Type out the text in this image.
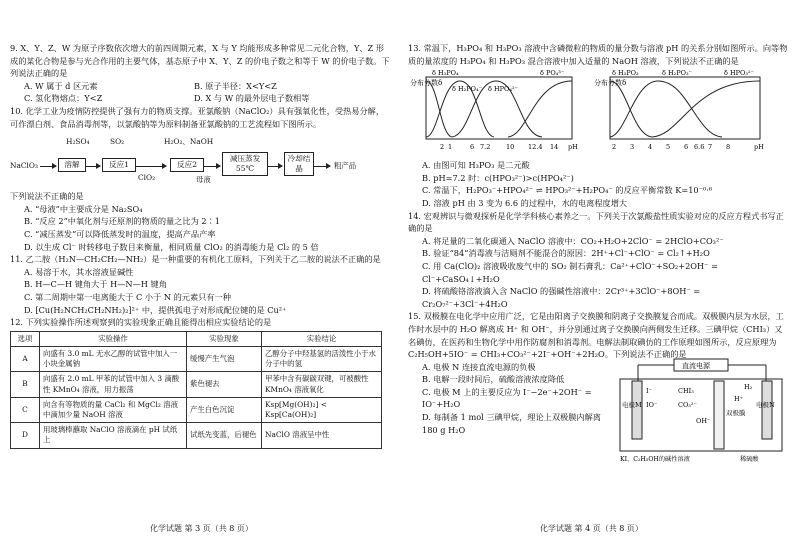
9. X、Y、Z、W 为原子序数依次增大的前四周期元素，X 与 Y 均能形成多种常见二元化合物，Y、Z 形成的某化合物是参与光合作用的主要气体，基态原子中 X、Y、Z 的价电子数之和等于 W 的价电子数。下列说法正确的是

A. W 属于 d 区元素	B. 原子半径：X<Y<Z
C. 氢化物熔点：Y<Z	D. X 与 W 的最外层电子数相等

10. 化学工业为疫情防控提供了强有力的物质支撑。亚氯酸钠（NaClO₂）具有强氧化性，受热易分解，可作漂白剂、食品消毒剂等，以氯酸钠等为原料制备亚氯酸钠的工艺流程如下图所示。

NaClO₃	溶解
H₂SO₄
反应1
SO₂
ClO₂
反应2
H₂O₂、NaOH
减压蒸发 55℃
冷却结晶	粗产品
母液

下列说法不正确的是

A. “母液”中主要成分是 Na₂SO₄
B. “反应 2”中氧化剂与还原剂的物质的量之比为 2∶1
C. “减压蒸发”可以降低蒸发时的温度，提高产品产率
D. 以生成 Cl⁻ 时转移电子数目来衡量，相同质量 ClO₂ 的消毒能力是 Cl₂ 的 5 倍

11. 乙二胺（H₂N—CH₂CH₂—NH₂）是一种重要的有机化工原料，下列关于乙二胺的说法不正确的是

A. 易溶于水，其水溶液显碱性
B. H—C—H 键角大于 H—N—H 键角
C. 第二周期中第一电离能大于 C 小于 N 的元素只有一种
D. [Cu(H₂NCH₂CH₂NH₂)₂]²⁺ 中，提供孤电子对形成配位键的是 Cu²⁺

12. 下列实验操作所述观察到的实验现象正确且能得出相应实验结论的是

选项	实验操作	实验现象	实验结论
A	向盛有 3.0 mL 无水乙醇的试管中加入一小块金属钠	缓慢产生气泡	乙醇分子中羟基氢的活泼性小于水分子中的氢
B	向盛有 2.0 mL 甲苯的试管中加入 3 滴酸性 KMnO₄ 溶液，用力振荡	紫色褪去	甲苯中含有碳碳双键，可被酸性 KMnO₄ 溶液氧化
C	向含有等物质的量 CaCl₂ 和 MgCl₂ 溶液中滴加少量 NaOH 溶液	产生白色沉淀	Ksp[Mg(OH)₂] < Ksp[Ca(OH)₂]
D	用玻璃棒蘸取 NaClO 溶液滴在 pH 试纸上	试纸先变蓝，后褪色	NaClO 溶液呈中性
化学试题 第 3 页（共 8 页）

13. 常温下，H₃PO₄ 和 H₃PO₃ 溶液中含磷微粒的物质的量分数与溶液 pH 的关系分别如图所示。向等物质的量浓度的 H₃PO₄ 和 H₃PO₃ 混合溶液中加入适量的 NaOH 溶液，下列说法不正确的是

分布分数δ
δ H₃PO₄
δ H₂PO₄⁻ δ HPO₄²⁻
δ PO₄³⁻
2 1	6 7.2 10 12.4 14 pH
分布分数δ
δ H₃PO₃	δ H₂PO₃⁻	δ HPO₃²⁻
2 3 4 5 6 6.6 7 8	pH
A. 由图可知 H₃PO₃ 是二元酸
B. pH=7.2 时：c(HPO₃²⁻)>c(HPO₄²⁻)
C. 常温下，H₂PO₃⁻+HPO₄²⁻ ⇌ HPO₃²⁻+H₂PO₄⁻ 的反应平衡常数 K=10⁻⁰·⁶
D. 溶液 pH 由 3 变为 6.6 的过程中，水的电离程度增大

14. 宏观辨识与微观探析是化学学科核心素养之一。下列关于次氯酸盐性质实验对应的反应方程式书写正确的是

A. 将足量的二氧化碳通入 NaClO 溶液中：CO₂+H₂O+2ClO⁻ = 2HClO+CO₃²⁻
B. 验证“84”消毒液与洁厕剂不能混合的原因：2H⁺+Cl⁻+ClO⁻ = Cl₂↑+H₂O
C. 用 Ca(ClO)₂ 溶液吸收废气中的 SO₂ 制石膏乳：Ca²⁺+ClO⁻+SO₂+2OH⁻ = Cl⁻+CaSO₄↓+H₂O
D. 将硫酸铬溶液滴入含 NaClO 的强碱性溶液中：2Cr³⁺+3ClO⁻+8OH⁻ = Cr₂O₇²⁻+3Cl⁻+4H₂O

15. 双极膜在电化学中应用广泛，它是由阳离子交换膜和阴离子交换膜复合而成。双极膜内层为水层，工作时水层中的 H₂O 解离成 H⁺ 和 OH⁻，并分别通过离子交换膜向两侧发生迁移。三碘甲烷（CHI₃）又名碘仿，在医药和生物化学中用作防腐剂和消毒剂。电解法制取碘仿的工作原理如图所示，反应原理为 C₂H₅OH+5IO⁻ = CHI₃+CO₃²⁻+2I⁻+OH⁻+2H₂O。下列说法不正确的是

A. 电极 N 连接直流电源的负极
B. 电解一段时间后，硫酸溶液浓度降低
C. 电极 M 上的主要反应为 I⁻−2e⁻+2OH⁻ = IO⁻+H₂O
D. 每制备 1 mol 三碘甲烷，理论上双极膜内解离 180 g H₂O
直流电源
电极M	电极N
双极膜
I⁻
IO⁻
CHI₃
CO₃²⁻
OH⁻
H⁺
H₂
KI、C₂H₅OH的碱性溶液	稀硫酸
化学试题 第 4 页（共 8 页）
